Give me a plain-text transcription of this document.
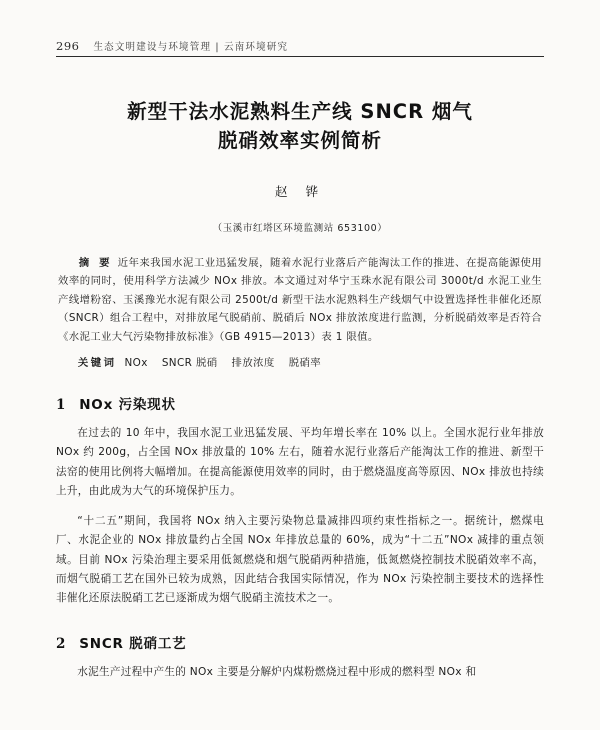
296 生态文明建设与环境管理 | 云南环境研究
新型干法水泥熟料生产线 SNCR 烟气
脱硝效率实例简析
赵 铧
（玉溪市红塔区环境监测站 653100）
摘 要 近年来我国水泥工业迅猛发展，随着水泥行业落后产能淘汰工作的推进、在提高能源使用效率的同时，使用科学方法减少 NOx 排放。本文通过对华宁玉珠水泥有限公司 3000t/d 水泥工业生产线增粉窑、玉溪豫光水泥有限公司 2500t/d 新型干法水泥熟料生产线烟气中设置选择性非催化还原（SNCR）组合工程中，对排放尾气脱硝前、脱硝后 NOx 排放浓度进行监测，分析脱硝效率是否符合《水泥工业大气污染物排放标准》（GB 4915—2013）表 1 限值。
关键词 NOx SNCR 脱硝 排放浓度 脱硝率
1 NOx 污染现状

在过去的 10 年中，我国水泥工业迅猛发展、平均年增长率在 10% 以上。全国水泥行业年排放 NOx 约 200g，占全国 NOx 排放量的 10% 左右，随着水泥行业落后产能淘汰工作的推进、新型干法窑的使用比例将大幅增加。在提高能源使用效率的同时，由于燃烧温度高等原因、NOx 排放也持续上升，由此成为大气的环境保护压力。

“十二五”期间，我国将 NOx 纳入主要污染物总量减排四项约束性指标之一。据统计，燃煤电厂、水泥企业的 NOx 排放量约占全国 NOx 年排放总量的 60%，成为“十二五”NOx 减排的重点领域。目前 NOx 污染治理主要采用低氮燃烧和烟气脱硝两种措施，低氮燃烧控制技术脱硝效率不高，而烟气脱硝工艺在国外已较为成熟，因此结合我国实际情况，作为 NOx 污染控制主要技术的选择性非催化还原法脱硝工艺已逐渐成为烟气脱硝主流技术之一。

2 SNCR 脱硝工艺

水泥生产过程中产生的 NOx 主要是分解炉内煤粉燃烧过程中形成的燃料型 NOx 和
